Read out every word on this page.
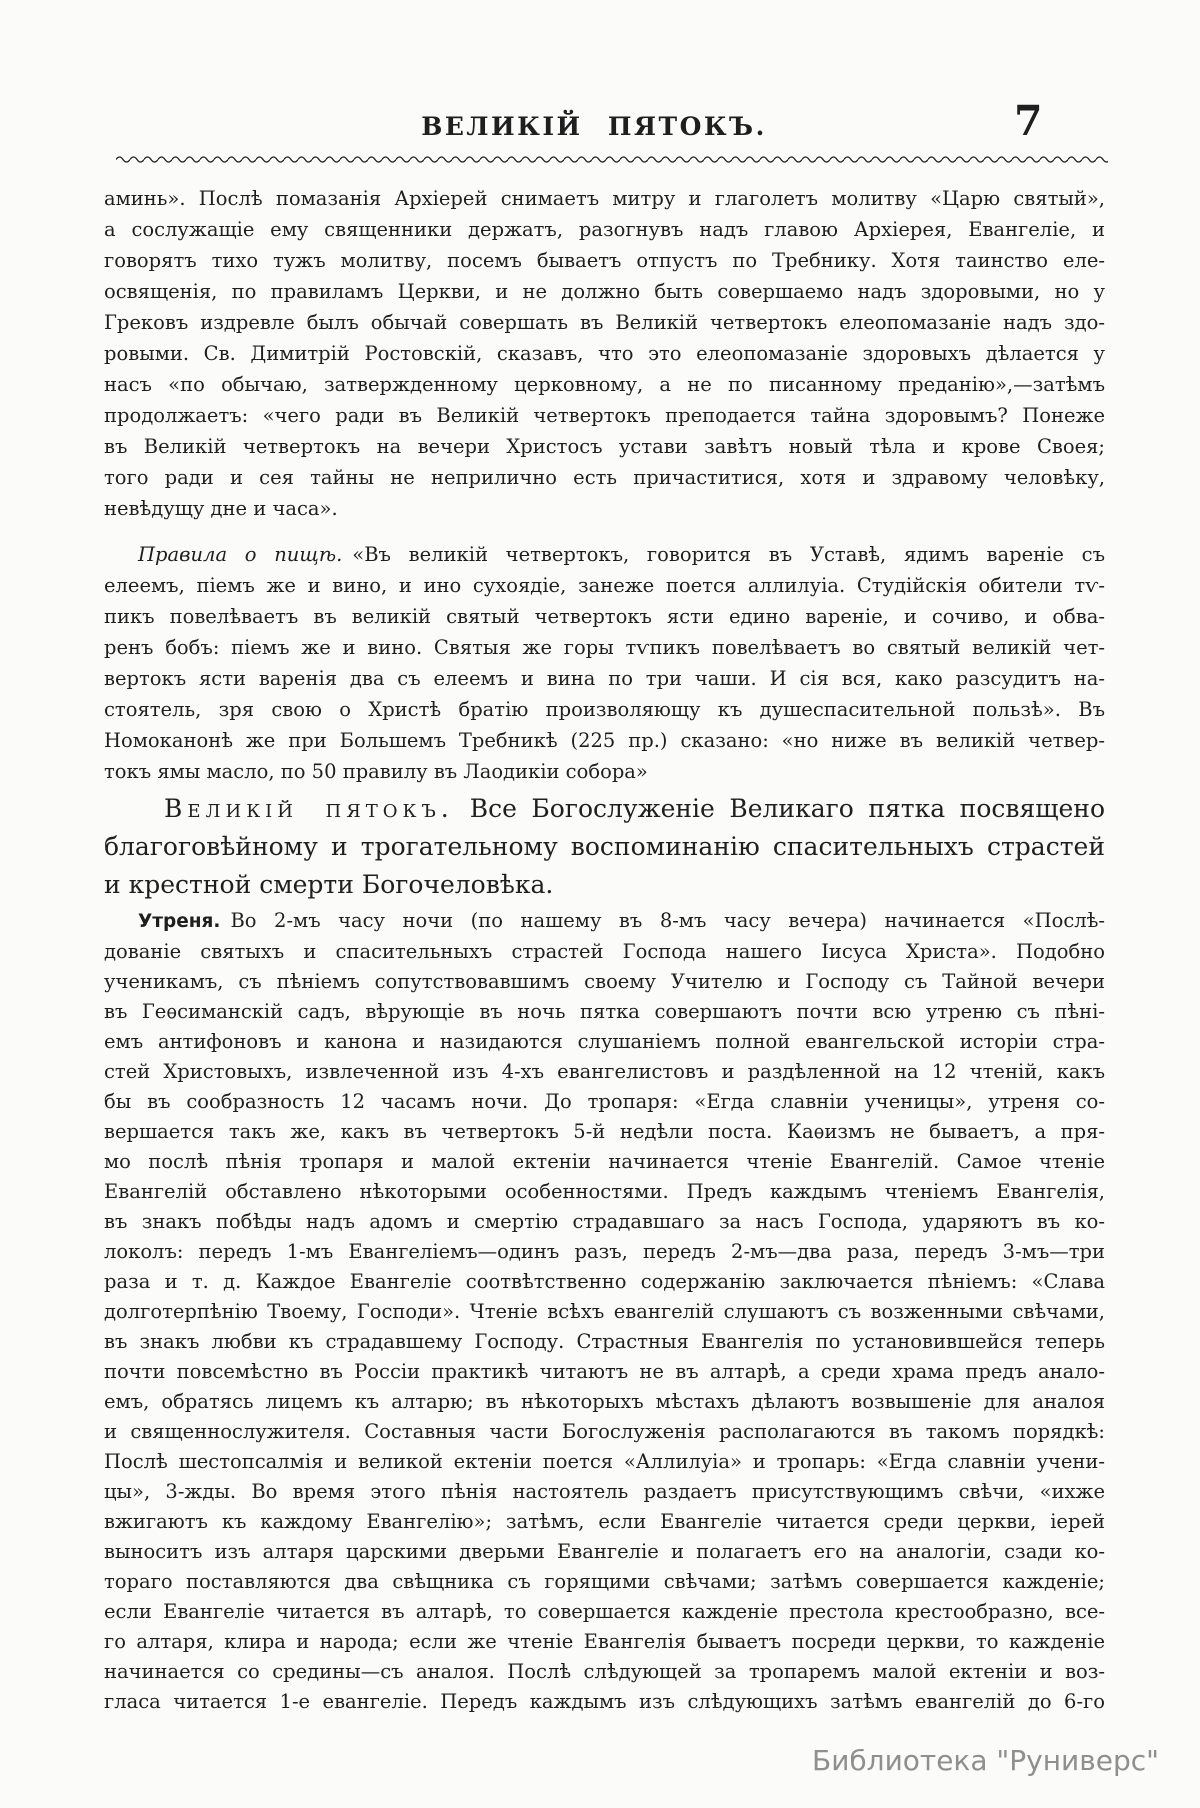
ВЕЛИКІЙ ПЯТОКЪ.	7
аминь». Послѣ помазанія Архіерей снимаетъ митру и глаголетъ молитву «Царю святый»,
а сослужащіе ему священники держатъ, разогнувъ надъ главою Архіерея, Евангеліе, и
говорятъ тихо тужъ молитву, посемъ бываетъ отпустъ по Требнику. Хотя таинство еле-
освященія, по правиламъ Церкви, и не должно быть совершаемо надъ здоровыми, но у
Грековъ издревле былъ обычай совершать въ Великій четвертокъ елеопомазаніе надъ здо-
ровыми. Св. Димитрій Ростовскій, сказавъ, что это елеопомазаніе здоровыхъ дѣлается у
насъ «по обычаю, затвержденному церковному, а не по писанному преданію»,—затѣмъ
продолжаетъ: «чего ради въ Великій четвертокъ преподается тайна здоровымъ? Понеже
въ Великій четвертокъ на вечери Христосъ устави завѣтъ новый тѣла и крове Своея;
того ради и сея тайны не неприлично есть причаститися, хотя и здравому человѣку,
невѣдущу дне и часа».
Правила о пищѣ. «Въ великій четвертокъ, говорится въ Уставѣ, ядимъ вареніе съ
елеемъ, піемъ же и вино, и ино сухоядіе, занеже поется аллилуіа. Студійскія обители тѵ-
пикъ повелѣваетъ въ великій святый четвертокъ ясти едино вареніе, и сочиво, и обва-
ренъ бобъ: піемъ же и вино. Святыя же горы тѵпикъ повелѣваетъ во святый великій чет-
вертокъ ясти варенія два съ елеемъ и вина по три чаши. И сія вся, како разсудитъ на-
стоятель, зря свою о Христѣ братію произволяющу къ душеспасительной пользѣ». Въ
Номоканонѣ же при Большемъ Требникѣ (225 пр.) сказано: «но ниже въ великій четвер-
токъ ямы масло, по 50 правилу въ Лаодикіи собора»
Великій пятокъ. Все Богослуженіе Великаго пятка посвящено
благоговѣйному и трогательному воспоминанію спасительныхъ страстей
и крестной смерти Богочеловѣка.
Утреня. Во 2-мъ часу ночи (по нашему въ 8-мъ часу вечера) начинается «Послѣ-
дованіе святыхъ и спасительныхъ страстей Господа нашего Іисуса Христа». Подобно
ученикамъ, съ пѣніемъ сопутствовавшимъ своему Учителю и Господу съ Тайной вечери
въ Геѳсиманскій садъ, вѣрующіе въ ночь пятка совершаютъ почти всю утреню съ пѣні-
емъ антифоновъ и канона и назидаются слушаніемъ полной евангельской исторіи стра-
стей Христовыхъ, извлеченной изъ 4-хъ евангелистовъ и раздѣленной на 12 чтеній, какъ
бы въ сообразность 12 часамъ ночи. До тропаря: «Егда славніи ученицы», утреня со-
вершается такъ же, какъ въ четвертокъ 5-й недѣли поста. Каѳизмъ не бываетъ, а пря-
мо послѣ пѣнія тропаря и малой ектеніи начинается чтеніе Евангелій. Самое чтеніе
Евангелій обставлено нѣкоторыми особенностями. Предъ каждымъ чтеніемъ Евангелія,
въ знакъ побѣды надъ адомъ и смертію страдавшаго за насъ Господа, ударяютъ въ ко-
локолъ: передъ 1-мъ Евангеліемъ—одинъ разъ, передъ 2-мъ—два раза, передъ 3-мъ—три
раза и т. д. Каждое Евангеліе соотвѣтственно содержанію заключается пѣніемъ: «Слава
долготерпѣнію Твоему, Господи». Чтеніе всѣхъ евангелій слушаютъ съ возженными свѣчами,
въ знакъ любви къ страдавшему Господу. Страстныя Евангелія по установившейся теперь
почти повсемѣстно въ Россіи практикѣ читаютъ не въ алтарѣ, а среди храма предъ анало-
емъ, обратясь лицемъ къ алтарю; въ нѣкоторыхъ мѣстахъ дѣлаютъ возвышеніе для аналоя
и священнослужителя. Составныя части Богослуженія располагаются въ такомъ порядкѣ:
Послѣ шестопсалмія и великой ектеніи поется «Аллилуіа» и тропарь: «Егда славніи учени-
цы», 3-жды. Во время этого пѣнія настоятель раздаетъ присутствующимъ свѣчи, «ихже
вжигаютъ къ каждому Евангелію»; затѣмъ, если Евангеліе читается среди церкви, іерей
выноситъ изъ алтаря царскими дверьми Евангеліе и полагаетъ его на аналогіи, сзади ко-
тораго поставляются два свѣщника съ горящими свѣчами; затѣмъ совершается кажденіе;
если Евангеліе читается въ алтарѣ, то совершается кажденіе престола крестообразно, все-
го алтаря, клира и народа; если же чтеніе Евангелія бываетъ посреди церкви, то кажденіе
начинается со средины—съ аналоя. Послѣ слѣдующей за тропаремъ малой ектеніи и воз-
гласа читается 1-е евангеліе. Передъ каждымъ изъ слѣдующихъ затѣмъ евангелій до 6-го
Библиотека "Руниверс"
